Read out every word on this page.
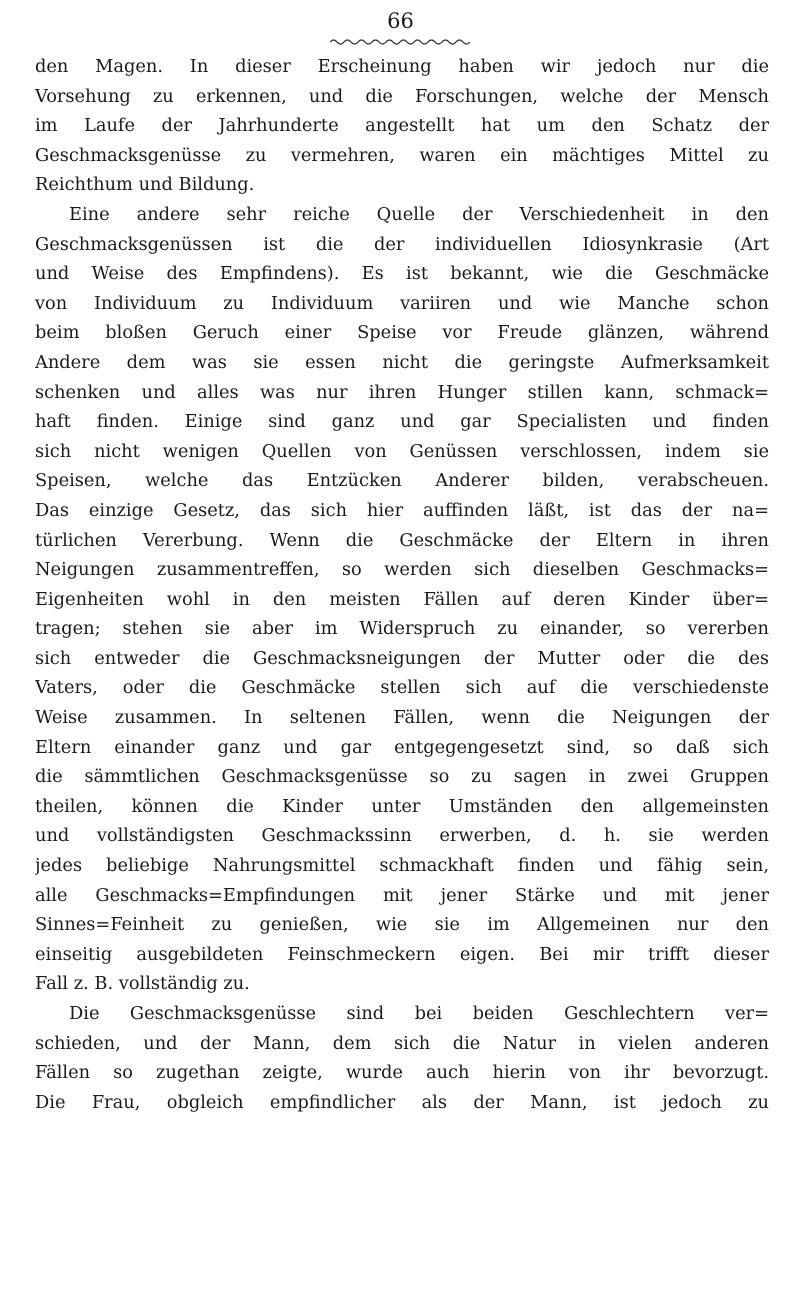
66
den Magen. In dieser Erscheinung haben wir jedoch nur die
Vorsehung zu erkennen, und die Forschungen, welche der Mensch
im Laufe der Jahrhunderte angestellt hat um den Schatz der
Geschmacksgenüsse zu vermehren, waren ein mächtiges Mittel zu
Reichthum und Bildung.
Eine andere sehr reiche Quelle der Verschiedenheit in den
Geschmacksgenüssen ist die der individuellen Idiosynkrasie (Art
und Weise des Empfindens). Es ist bekannt, wie die Geschmäcke
von Individuum zu Individuum variiren und wie Manche schon
beim bloßen Geruch einer Speise vor Freude glänzen, während
Andere dem was sie essen nicht die geringste Aufmerksamkeit
schenken und alles was nur ihren Hunger stillen kann, schmack=
haft finden. Einige sind ganz und gar Specialisten und finden
sich nicht wenigen Quellen von Genüssen verschlossen, indem sie
Speisen, welche das Entzücken Anderer bilden, verabscheuen.
Das einzige Gesetz, das sich hier auffinden läßt, ist das der na=
türlichen Vererbung. Wenn die Geschmäcke der Eltern in ihren
Neigungen zusammentreffen, so werden sich dieselben Geschmacks=
Eigenheiten wohl in den meisten Fällen auf deren Kinder über=
tragen; stehen sie aber im Widerspruch zu einander, so vererben
sich entweder die Geschmacksneigungen der Mutter oder die des
Vaters, oder die Geschmäcke stellen sich auf die verschiedenste
Weise zusammen. In seltenen Fällen, wenn die Neigungen der
Eltern einander ganz und gar entgegengesetzt sind, so daß sich
die sämmtlichen Geschmacksgenüsse so zu sagen in zwei Gruppen
theilen, können die Kinder unter Umständen den allgemeinsten
und vollständigsten Geschmackssinn erwerben, d. h. sie werden
jedes beliebige Nahrungsmittel schmackhaft finden und fähig sein,
alle Geschmacks=Empfindungen mit jener Stärke und mit jener
Sinnes=Feinheit zu genießen, wie sie im Allgemeinen nur den
einseitig ausgebildeten Feinschmeckern eigen. Bei mir trifft dieser
Fall z. B. vollständig zu.
Die Geschmacksgenüsse sind bei beiden Geschlechtern ver=
schieden, und der Mann, dem sich die Natur in vielen anderen
Fällen so zugethan zeigte, wurde auch hierin von ihr bevorzugt.
Die Frau, obgleich empfindlicher als der Mann, ist jedoch zu
